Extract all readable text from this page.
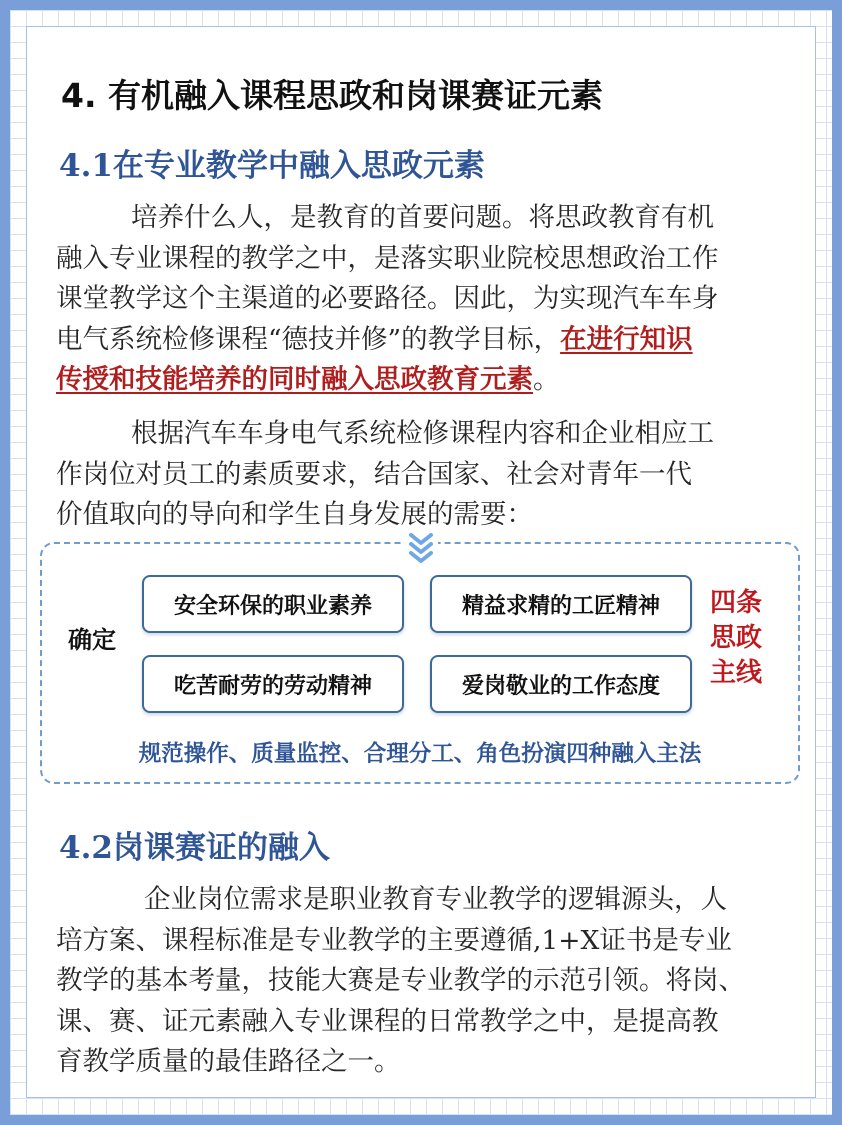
4. 有机融入课程思政和岗课赛证元素
4.1在专业教学中融入思政元素

培养什么人，是教育的首要问题。将思政教育有机
融入专业课程的教学之中，是落实职业院校思想政治工作
课堂教学这个主渠道的必要路径。因此，为实现汽车车身
电气系统检修课程“德技并修”的教学目标，在进行知识
传授和技能培养的同时融入思政教育元素。

根据汽车车身电气系统检修课程内容和企业相应工
作岗位对员工的素质要求，结合国家、社会对青年一代
价值取向的导向和学生自身发展的需要：

确定
安全环保的职业素养	精益求精的工匠精神
吃苦耐劳的劳动精神	爱岗敬业的工作态度
四条
思政
主线
规范操作、质量监控、合理分工、角色扮演四种融入主法
4.2岗课赛证的融入

企业岗位需求是职业教育专业教学的逻辑源头，人
培方案、课程标准是专业教学的主要遵循,1+X证书是专业
教学的基本考量，技能大赛是专业教学的示范引领。将岗、
课、赛、证元素融入专业课程的日常教学之中，是提高教
育教学质量的最佳路径之一。
